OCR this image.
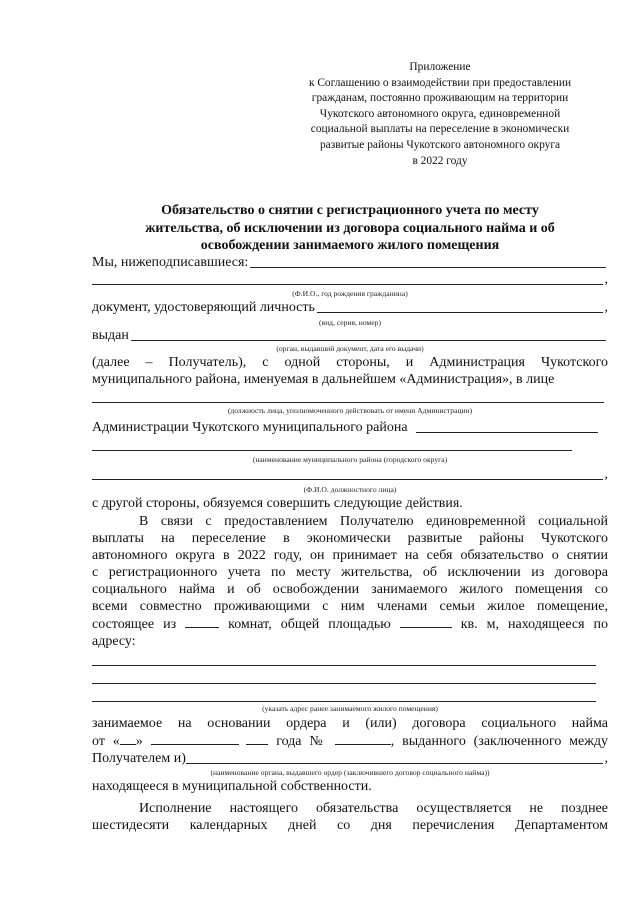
Приложение
к Соглашению о взаимодействии при предоставлении
гражданам, постоянно проживающим на территории
Чукотского автономного округа, единовременной
социальной выплаты на переселение в экономически
развитые районы Чукотского автономного округа
в 2022 году
Обязательство о снятии с регистрационного учета по месту
жительства, об исключении из договора социального найма и об
освобождении занимаемого жилого помещения
Мы, нижеподписавшиеся:
,
(Ф.И.О., год рождения гражданина)
документ, удостоверяющий личность	,
(вид, серия, номер)
выдан
(орган, выдавший документ, дата его выдачи)
(далее – Получатель), с одной стороны, и Администрация Чукотского
муниципального района, именуемая в дальнейшем «Администрация», в лице
(должность лица, уполномоченного действовать от имени Администрации)
Администрации Чукотского муниципального района
(наименование муниципального района (городского округа)
,
(Ф.И.О. должностного лица)
с другой стороны, обязуемся совершить следующие действия.
В связи с предоставлением Получателю единовременной социальной
выплаты на переселение в экономически развитые районы Чукотского
автономного округа в 2022 году, он принимает на себя обязательство о снятии
с регистрационного учета по месту жительства, об исключении из договора
социального найма и об освобождении занимаемого жилого помещения со
всеми совместно проживающими с ним членами семьи жилое помещение,
состоящее из	комнат, общей площадью	кв. м, находящееся по
адресу:
(указать адрес ранее занимаемого жилого помещения)
занимаемое на основании ордера и (или) договора социального найма
от « »	года №	, выданного (заключенного между
Получателем и)	,
(наименование органа, выдавшего ордер (заключившего договор социального найма))
находящееся в муниципальной собственности.
Исполнение настоящего обязательства осуществляется не позднее
шестидесяти календарных дней со дня перечисления Департаментом
